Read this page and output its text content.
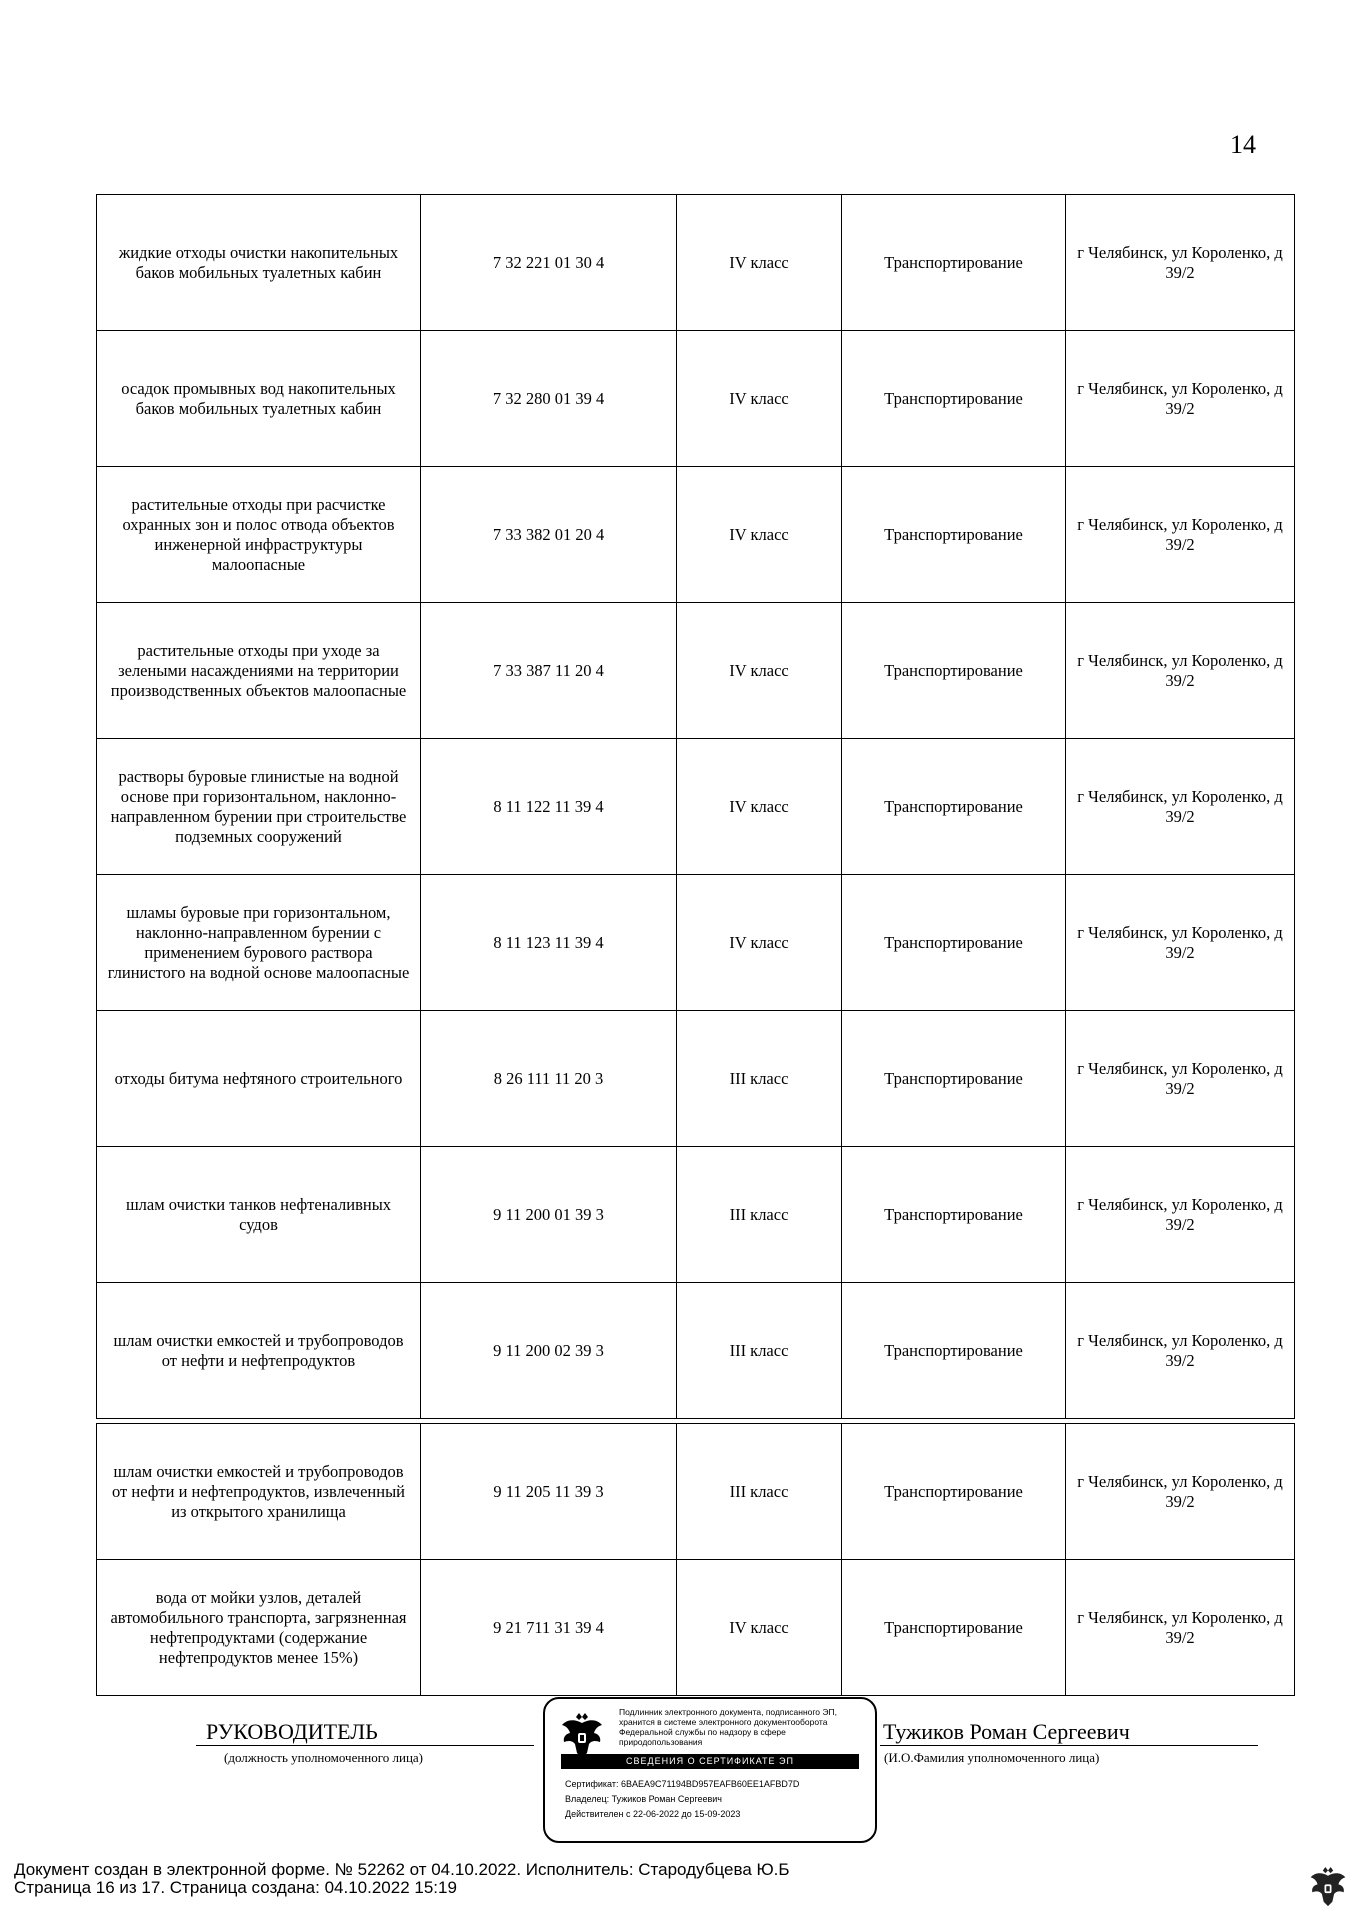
14
жидкие отходы очистки накопительных баков мобильных туалетных кабин	7 32 221 01 30 4	IV класс	Транспортирование	г Челябинск, ул Короленко, д 39/2
осадок промывных вод накопительных баков мобильных туалетных кабин	7 32 280 01 39 4	IV класс	Транспортирование	г Челябинск, ул Короленко, д 39/2
растительные отходы при расчистке охранных зон и полос отвода объектов инженерной инфраструктуры малоопасные	7 33 382 01 20 4	IV класс	Транспортирование	г Челябинск, ул Короленко, д 39/2
растительные отходы при уходе за зелеными насаждениями на территории производственных объектов малоопасные	7 33 387 11 20 4	IV класс	Транспортирование	г Челябинск, ул Короленко, д 39/2
растворы буровые глинистые на водной основе при горизонтальном, наклонно-направленном бурении при строительстве подземных сооружений	8 11 122 11 39 4	IV класс	Транспортирование	г Челябинск, ул Короленко, д 39/2
шламы буровые при горизонтальном, наклонно-направленном бурении с применением бурового раствора глинистого на водной основе малоопасные	8 11 123 11 39 4	IV класс	Транспортирование	г Челябинск, ул Короленко, д 39/2
отходы битума нефтяного строительного	8 26 111 11 20 3	III класс	Транспортирование	г Челябинск, ул Короленко, д 39/2
шлам очистки танков нефтеналивных судов	9 11 200 01 39 3	III класс	Транспортирование	г Челябинск, ул Короленко, д 39/2
шлам очистки емкостей и трубопроводов от нефти и нефтепродуктов	9 11 200 02 39 3	III класс	Транспортирование	г Челябинск, ул Короленко, д 39/2
шлам очистки емкостей и трубопроводов от нефти и нефтепродуктов, извлеченный из открытого хранилища	9 11 205 11 39 3	III класс	Транспортирование	г Челябинск, ул Короленко, д 39/2
вода от мойки узлов, деталей автомобильного транспорта, загрязненная нефтепродуктами (содержание нефтепродуктов менее 15%)	9 21 711 31 39 4	IV класс	Транспортирование	г Челябинск, ул Короленко, д 39/2
РУКОВОДИТЕЛЬ
(должность уполномоченного лица)
Тужиков Роман Сергеевич
(И.О.Фамилия уполномоченного лица)
Подлинник электронного документа, подписанного ЭП, хранится в системе электронного документооборота Федеральной службы по надзору в сфере природопользования
СВЕДЕНИЯ О СЕРТИФИКАТЕ ЭП
Сертификат: 6BAEA9C71194BD957EAFB60EE1AFBD7D
Владелец: Тужиков Роман Сергеевич
Действителен с 22-06-2022 до 15-09-2023
Документ создан в электронной форме. № 52262 от 04.10.2022. Исполнитель: Стародубцева Ю.Б
Страница 16 из 17. Страница создана: 04.10.2022 15:19
